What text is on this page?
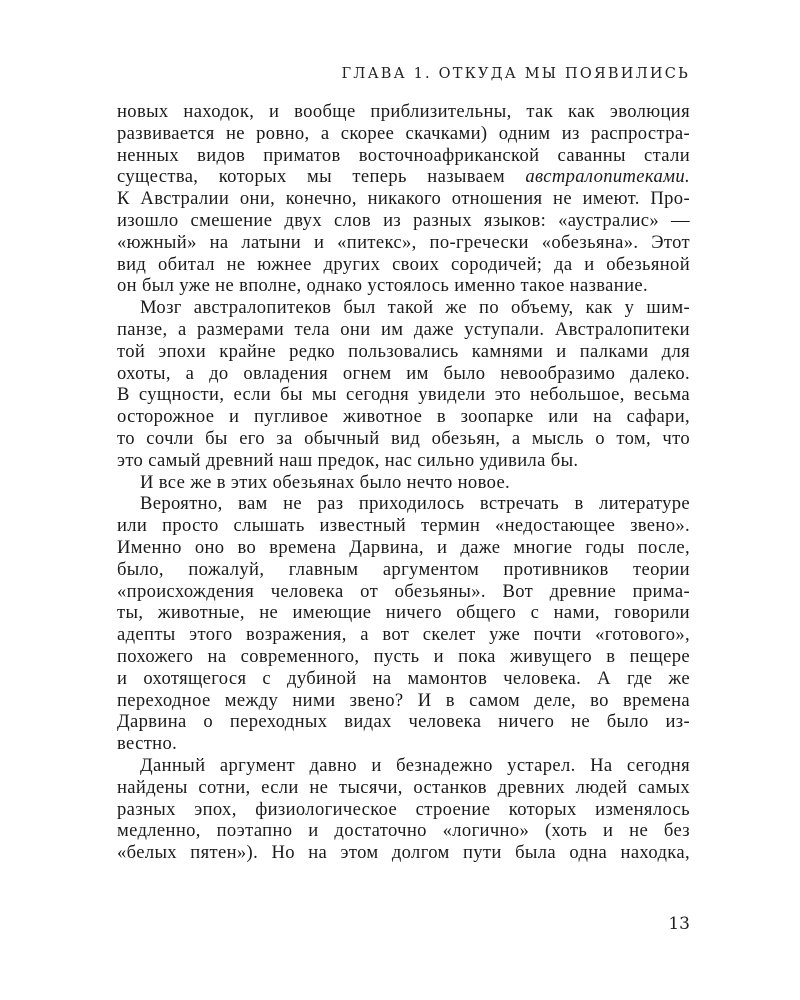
ГЛАВА 1. ОТКУДА МЫ ПОЯВИЛИСЬ
новых находок, и вообще приблизительны, так как эволюция
развивается не ровно, а скорее скачками) одним из распростра-
ненных видов приматов восточноафриканской саванны стали
существа, которых мы теперь называем австралопитеками.
К Австралии они, конечно, никакого отношения не имеют. Про-
изошло смешение двух слов из разных языков: «аустралис» —
«южный» на латыни и «питекс», по-гречески «обезьяна». Этот
вид обитал не южнее других своих сородичей; да и обезьяной
он был уже не вполне, однако устоялось именно такое название.
Мозг австралопитеков был такой же по объему, как у шим-
панзе, а размерами тела они им даже уступали. Австралопитеки
той эпохи крайне редко пользовались камнями и палками для
охоты, а до овладения огнем им было невообразимо далеко.
В сущности, если бы мы сегодня увидели это небольшое, весьма
осторожное и пугливое животное в зоопарке или на сафари,
то сочли бы его за обычный вид обезьян, а мысль о том, что
это самый древний наш предок, нас сильно удивила бы.
И все же в этих обезьянах было нечто новое.
Вероятно, вам не раз приходилось встречать в литературе
или просто слышать известный термин «недостающее звено».
Именно оно во времена Дарвина, и даже многие годы после,
было, пожалуй, главным аргументом противников теории
«происхождения человека от обезьяны». Вот древние прима-
ты, животные, не имеющие ничего общего с нами, говорили
адепты этого возражения, а вот скелет уже почти «готового»,
похожего на современного, пусть и пока живущего в пещере
и охотящегося с дубиной на мамонтов человека. А где же
переходное между ними звено? И в самом деле, во времена
Дарвина о переходных видах человека ничего не было из-
вестно.
Данный аргумент давно и безнадежно устарел. На сегодня
найдены сотни, если не тысячи, останков древних людей самых
разных эпох, физиологическое строение которых изменялось
медленно, поэтапно и достаточно «логично» (хоть и не без
«белых пятен»). Но на этом долгом пути была одна находка,
13
